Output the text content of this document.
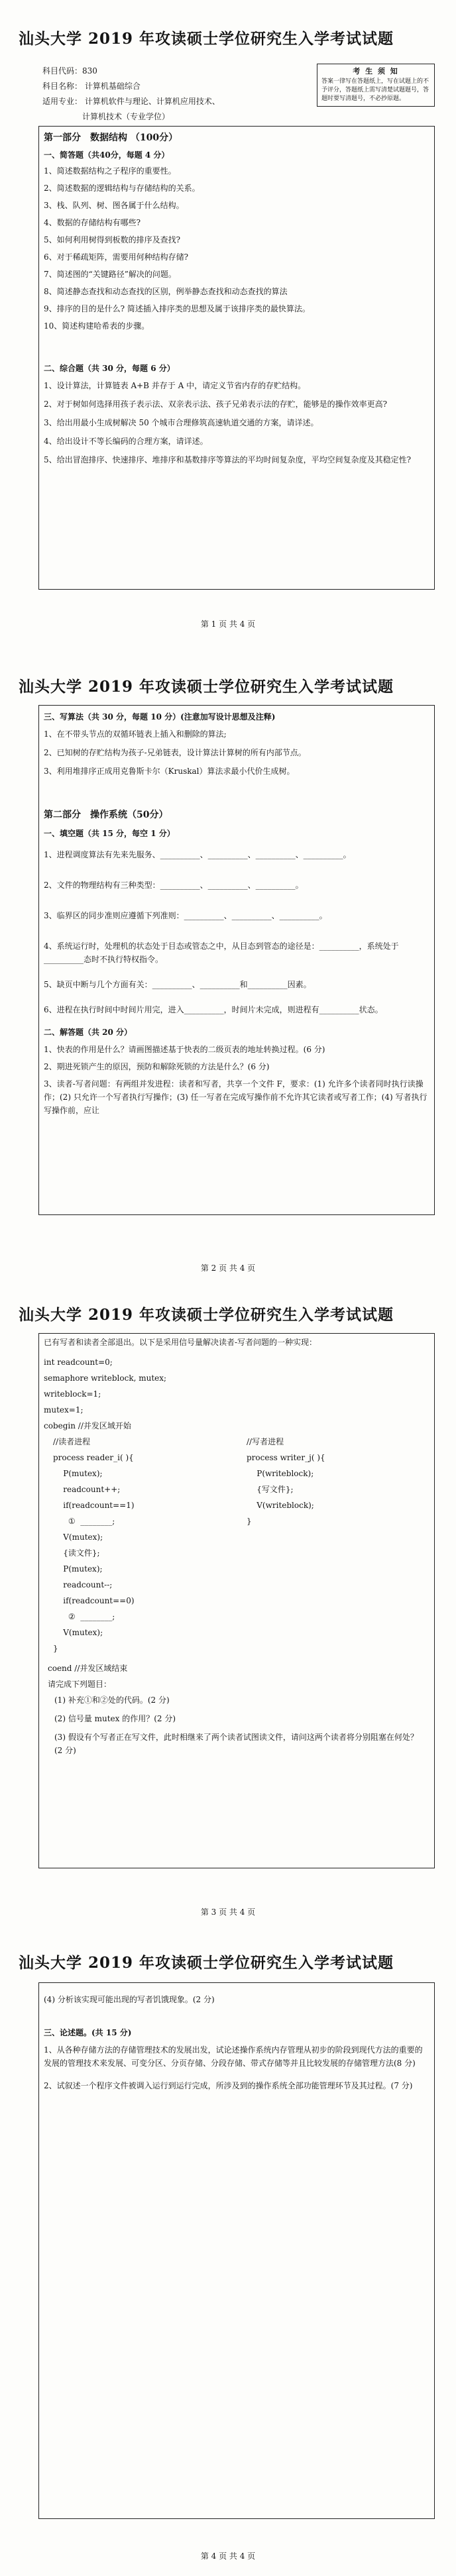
汕头大学 2019 年攻读硕士学位研究生入学考试试题
科目代码：830
科目名称： 计算机基础综合
适用专业： 计算机软件与理论、计算机应用技术、
计算机技术（专业学位）
考 生 须 知
答案一律写在答题纸上，写在试题上的不予评分，答题纸上需写清楚试题题号，答题时要写清题号，不必抄原题。

第一部分　数据结构 （100分）

一、简答题（共40分，每题 4 分）

1、简述数据结构之子程序的重要性。

2、简述数据的逻辑结构与存储结构的关系。

3、栈、队列、树、图各属于什么结构。

4、数据的存储结构有哪些?

5、如何利用树得到板数的排序及查找?

6、对于稀疏矩阵，需要用何种结构存储?

7、简述图的“关键路径”解决的问题。

8、简述静态查找和动态查找的区别，例举静态查找和动态查找的算法

9、排序的目的是什么? 简述插入排序类的思想及属于该排序类的最快算法。

10、简述构建哈希表的步骤。

二、综合题（共 30 分，每题 6 分）

1、设计算法，计算链表 A+B 并存于 A 中，请定义节省内存的存贮结构。

2、对于树如何选择用孩子表示法、双亲表示法、孩子兄弟表示法的存贮，能够是的操作效率更高?

3、给出用最小生成树解决 50 个城市合理修筑高速轨道交通的方案，请详述。

4、给出设计不等长编码的合理方案，请详述。

5、给出冒泡排序、快速排序、堆排序和基数排序等算法的平均时间复杂度，平均空间复杂度及其稳定性?

第 1 页 共 4 页
汕头大学 2019 年攻读硕士学位研究生入学考试试题

三、写算法（共 30 分，每题 10 分）(注意加写设计思想及注释)

1、在不带头节点的双循环链表上插入和删除的算法;

2、已知树的存贮结构为孩子-兄弟链表，设计算法计算树的所有内部节点。

3、利用堆排序正成用克鲁斯卡尔（Kruskal）算法求最小代价生成树。

第二部分　操作系统（50分）

一、填空题（共 15 分，每空 1 分）

1、进程调度算法有先来先服务、__________、__________、__________、__________。

2、文件的物理结构有三种类型：__________、__________、__________。

3、临界区的同步准则应遵循下列准则：__________、__________、__________。

4、系统运行时，处理机的状态处于目态或管态之中，从目态到管态的途径是：__________，系统处于__________态时不执行特权指令。

5、缺页中断与几个方面有关：__________、__________和__________因素。

6、进程在执行时间中时间片用完，进入__________，时间片未完成，则进程有__________状态。

二、解答题（共 20 分）

1、快表的作用是什么？请画图描述基于快表的二级页表的地址转换过程。(6 分)

2、期进死锁产生的原因，预防和解除死锁的方法是什么？(6 分)

3、读者-写者问题：有两组并发进程：读者和写者，共享一个文件 F，要求：(1) 允许多个读者同时执行读操作；(2) 只允许一个写者执行写操作；(3) 任一写者在完成写操作前不允许其它读者或写者工作；(4) 写者执行写操作前，应让

第 2 页 共 4 页
汕头大学 2019 年攻读硕士学位研究生入学考试试题

已有写者和读者全部退出。以下是采用信号量解决读者-写者问题的一种实现：

int readcount=0;

semaphore writeblock, mutex;

writeblock=1;

mutex=1;

cobegin //并发区域开始

//读者进程

process reader_i( ){

P(mutex);

readcount++;

if(readcount==1)

①  ________;

V(mutex);

{读文件};

P(mutex);

readcount--;

if(readcount==0)

②  ________;

V(mutex);

}

//写者进程

process writer_j( ){

P(writeblock);

{写文件};

V(writeblock);

}

coend //并发区域结束

请完成下列题目：

(1) 补充①和②处的代码。(2 分)

(2) 信号量 mutex 的作用？(2 分)

(3) 假设有个写者正在写文件，此时相继来了两个读者试图读文件，请问这两个读者将分别阻塞在何处？(2 分)

第 3 页 共 4 页
汕头大学 2019 年攻读硕士学位研究生入学考试试题

(4) 分析该实现可能出现的写者饥饿现象。(2 分)

三、论述题。(共 15 分)

1、从各种存储方法的存储管理技术的发展出发，试论述操作系统内存管理从初步的阶段到现代方法的重要的发展的管理技术来发展、可变分区、分页存储、分段存储、带式存储等并且比较发展的存储管理方法(8 分)

2、试叙述一个程序文件被调入运行到运行完成，所涉及到的操作系统全部功能管理环节及其过程。(7 分)

第 4 页 共 4 页
